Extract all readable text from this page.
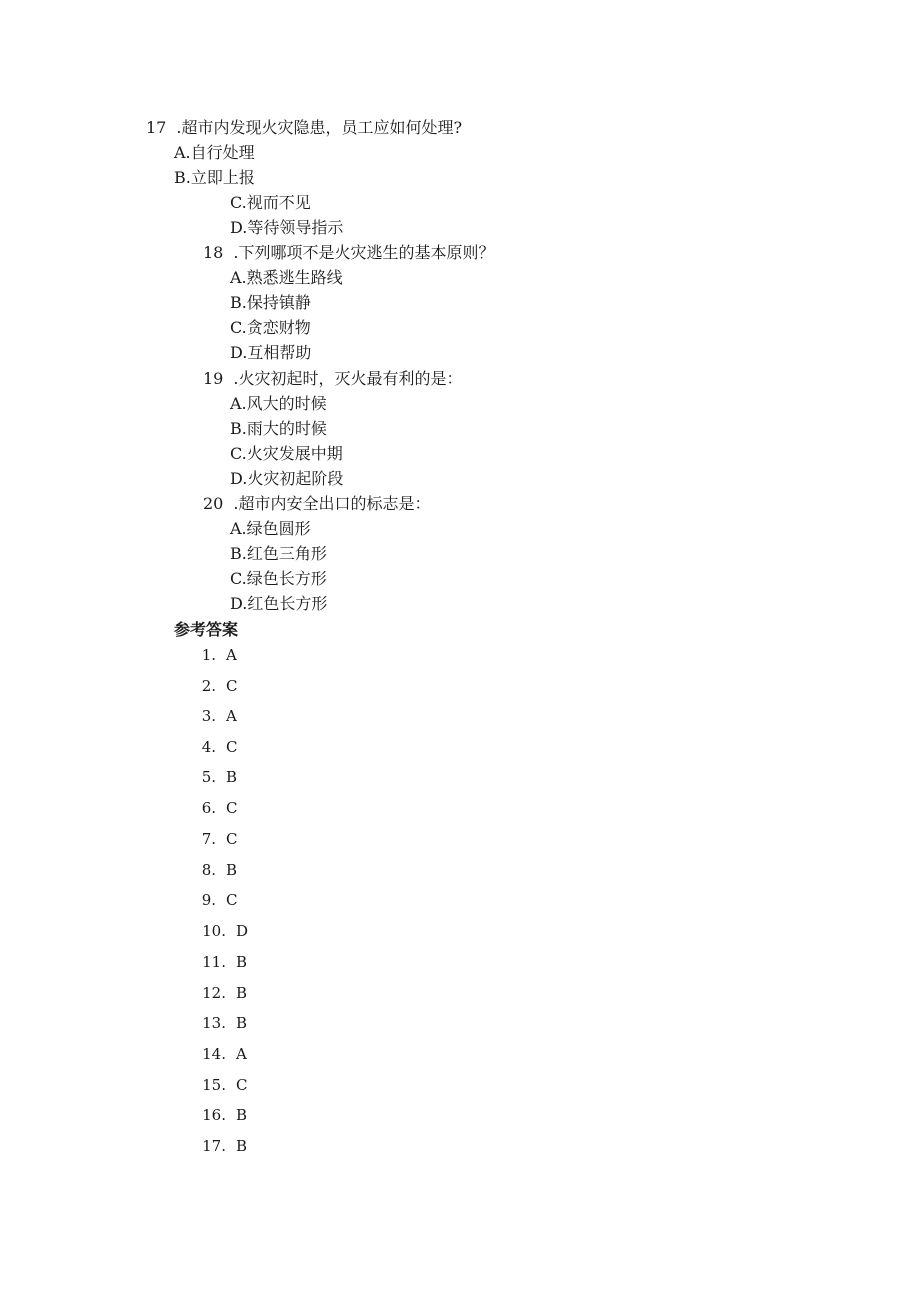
17 .超市内发现火灾隐患，员工应如何处理?
A.自行处理
B.立即上报
C.视而不见
D.等待领导指示
18 .下列哪项不是火灾逃生的基本原则？
A.熟悉逃生路线
B.保持镇静
C.贪恋财物
D.互相帮助
19 .火灾初起时，灭火最有利的是：
A.风大的时候
B.雨大的时候
C.火灾发展中期
D.火灾初起阶段
20 .超市内安全出口的标志是：
A.绿色圆形
B.红色三角形
C.绿色长方形
D.红色长方形
参考答案
1. A
2. C
3. A
4. C
5. B
6. C
7. C
8. B
9. C
10. D
11. B
12. B
13. B
14. A
15. C
16. B
17. B
